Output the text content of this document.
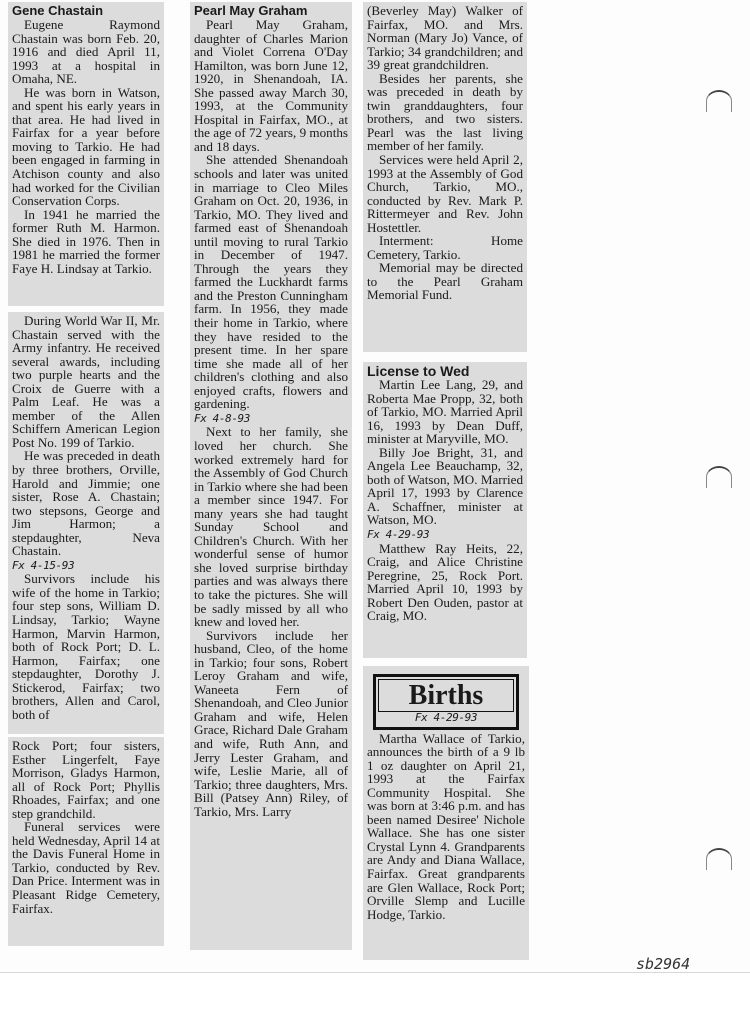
Gene Chastain

Eugene Raymond Chastain was born Feb. 20, 1916 and died April 11, 1993 at a hospital in Omaha, NE.

He was born in Watson, and spent his early years in that area. He had lived in Fairfax for a year before moving to Tarkio. He had been engaged in farming in Atchison county and also had worked for the Civilian Conservation Corps.

In 1941 he married the former Ruth M. Harmon. She died in 1976. Then in 1981 he married the former Faye H. Lindsay at Tarkio.

During World War II, Mr. Chastain served with the Army infantry. He received several awards, including two purple hearts and the Croix de Guerre with a Palm Leaf. He was a member of the Allen Schiffern American Legion Post No. 199 of Tarkio.

He was preceded in death by three brothers, Orville, Harold and Jimmie; one sister, Rose A. Chastain; two stepsons, George and Jim Harmon; a stepdaughter, Neva Chastain.

Fx 4-15-93

Survivors include his wife of the home in Tarkio; four step sons, William D. Lindsay, Tarkio; Wayne Harmon, Marvin Harmon, both of Rock Port; D. L. Harmon, Fairfax; one stepdaughter, Dorothy J. Stickerod, Fairfax; two brothers, Allen and Carol, both of

Rock Port; four sisters, Esther Lingerfelt, Faye Morrison, Gladys Harmon, all of Rock Port; Phyllis Rhoades, Fairfax; and one step grandchild.

Funeral services were held Wednesday, April 14 at the Davis Funeral Home in Tarkio, conducted by Rev. Dan Price. Interment was in Pleasant Ridge Cemetery, Fairfax.

Pearl May Graham

Pearl May Graham, daughter of Charles Marion and Violet Correna O'Day Hamilton, was born June 12, 1920, in Shenandoah, IA. She passed away March 30, 1993, at the Community Hospital in Fairfax, MO., at the age of 72 years, 9 months and 18 days.

She attended Shenandoah schools and later was united in marriage to Cleo Miles Graham on Oct. 20, 1936, in Tarkio, MO. They lived and farmed east of Shenandoah until moving to rural Tarkio in December of 1947. Through the years they farmed the Luckhardt farms and the Preston Cunningham farm. In 1956, they made their home in Tarkio, where they have resided to the present time. In her spare time she made all of her children's clothing and also enjoyed crafts, flowers and gardening.

Fx 4-8-93

Next to her family, she loved her church. She worked extremely hard for the Assembly of God Church in Tarkio where she had been a member since 1947. For many years she had taught Sunday School and Children's Church. With her wonderful sense of humor she loved surprise birthday parties and was always there to take the pictures. She will be sadly missed by all who knew and loved her.

Survivors include her husband, Cleo, of the home in Tarkio; four sons, Robert Leroy Graham and wife, Waneeta Fern of Shenandoah, and Cleo Junior Graham and wife, Helen Grace, Richard Dale Graham and wife, Ruth Ann, and Jerry Lester Graham, and wife, Leslie Marie, all of Tarkio; three daughters, Mrs. Bill (Patsey Ann) Riley, of Tarkio, Mrs. Larry

(Beverley May) Walker of Fairfax, MO. and Mrs. Norman (Mary Jo) Vance, of Tarkio; 34 grandchildren; and 39 great grandchildren.

Besides her parents, she was preceded in death by twin granddaughters, four brothers, and two sisters. Pearl was the last living member of her family.

Services were held April 2, 1993 at the Assembly of God Church, Tarkio, MO., conducted by Rev. Mark P. Rittermeyer and Rev. John Hostettler.

Interment: Home Cemetery, Tarkio.

Memorial may be directed to the Pearl Graham Memorial Fund.

License to Wed

Martin Lee Lang, 29, and Roberta Mae Propp, 32, both of Tarkio, MO. Married April 16, 1993 by Dean Duff, minister at Maryville, MO.

Billy Joe Bright, 31, and Angela Lee Beauchamp, 32, both of Watson, MO. Married April 17, 1993 by Clarence A. Schaffner, minister at Watson, MO.

Fx 4-29-93

Matthew Ray Heits, 22, Craig, and Alice Christine Peregrine, 25, Rock Port. Married April 10, 1993 by Robert Den Ouden, pastor at Craig, MO.

Births
Fx 4-29-93

Martha Wallace of Tarkio, announces the birth of a 9 lb 1 oz daughter on April 21, 1993 at the Fairfax Community Hospital. She was born at 3:46 p.m. and has been named Desiree' Nichole Wallace. She has one sister Crystal Lynn 4. Grandparents are Andy and Diana Wallace, Fairfax. Great grandparents are Glen Wallace, Rock Port; Orville Slemp and Lucille Hodge, Tarkio.

sb2964
